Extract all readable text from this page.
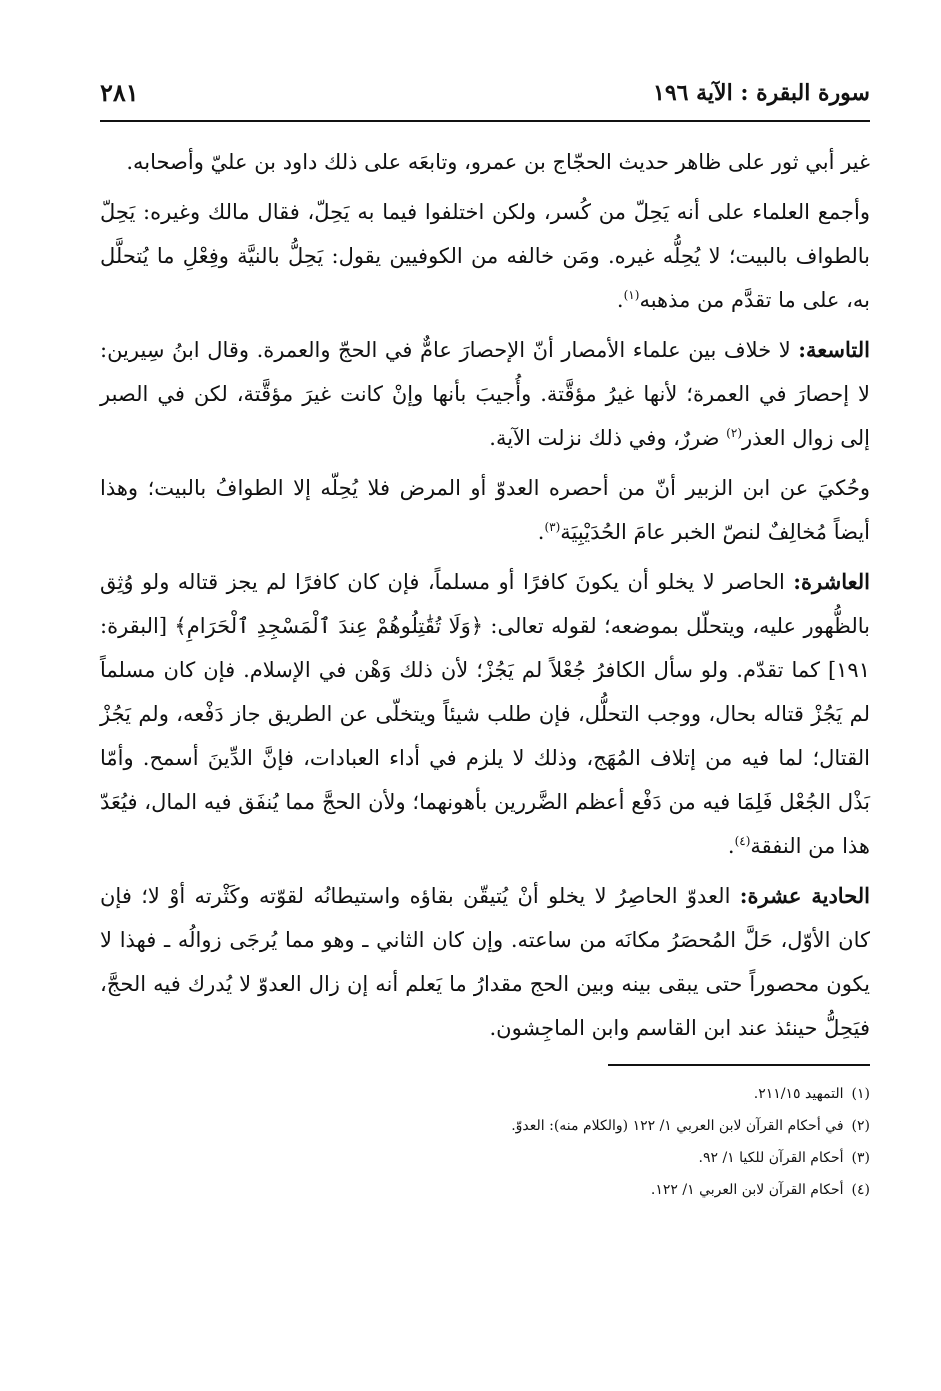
سورة البقرة : الآية ١٩٦
٢٨١

غير أبي ثور على ظاهر حديث الحجّاج بن عمرو، وتابعَه على ذلك داود بن عليّ وأصحابه.

وأجمع العلماء على أنه يَحِلّ من كُسر، ولكن اختلفوا فيما به يَحِلّ، فقال مالك وغيره: يَحِلّ بالطواف بالبيت؛ لا يُحِلُّه غيره. ومَن خالفه من الكوفيين يقول: يَحِلُّ بالنيَّة وفِعْلِ ما يُتحلَّل به، على ما تقدَّم من مذهبه$^{(١)}$.

التاسعة: لا خلاف بين علماء الأمصار أنّ الإحصارَ عامٌّ في الحجّ والعمرة. وقال ابنُ سِيرين: لا إحصارَ في العمرة؛ لأنها غيرُ مؤقَّتة. وأُجيبَ بأنها وإنْ كانت غيرَ مؤقَّتة، لكن في الصبر إلى زوال العذر$^{(٢)}$ ضررٌ، وفي ذلك نزلت الآية.

وحُكيَ عن ابن الزبير أنّ من أحصره العدوّ أو المرض فلا يُحِلّه إلا الطوافُ بالبيت؛ وهذا أيضاً مُخالِفٌ لنصّ الخبر عامَ الحُدَيْبِيَة$^{(٣)}$.

العاشرة: الحاصر لا يخلو أن يكونَ كافرًا أو مسلماً، فإن كان كافرًا لم يجز قتاله ولو وُثِق بالظُّهور عليه، ويتحلّل بموضعه؛ لقوله تعالى: ﴿وَلَا تُقَٰتِلُوهُمْ عِندَ ٱلْمَسْجِدِ ٱلْحَرَامِ﴾ [البقرة: ١٩١] كما تقدّم. ولو سأل الكافرُ جُعْلاً لم يَجُزْ؛ لأن ذلك وَهْن في الإسلام. فإن كان مسلماً لم يَجُزْ قتاله بحال، ووجب التحلُّل، فإن طلب شيئاً ويتخلّى عن الطريق جاز دَفْعه، ولم يَجُزْ القتال؛ لما فيه من إتلاف المُهَج، وذلك لا يلزم في أداء العبادات، فإنَّ الدِّينَ أسمح. وأمّا بَذْل الجُعْل فَلِمَا فيه من دَفْع أعظم الضَّررين بأهونهما؛ ولأن الحجَّ مما يُنفَق فيه المال، فيُعَدّ هذا من النفقة$^{(٤)}$.

الحادية عشرة: العدوّ الحاصِرُ لا يخلو أنْ يُتيقّن بقاؤه واستيطانُه لقوّته وكَثْرته أوْ لا؛ فإن كان الأوّل، حَلَّ المُحصَرُ مكانَه من ساعته. وإن كان الثاني ـ وهو مما يُرجَى زوالُه ـ فهذا لا يكون محصوراً حتى يبقى بينه وبين الحج مقدارُ ما يَعلم أنه إن زال العدوّ لا يُدرك فيه الحجَّ، فيَحِلُّ حينئذ عند ابن القاسم وابن الماجِشون.

(١)التمهيد ٢١١/١٥.
(٢)في أحكام القرآن لابن العربي ١/ ١٢٢ (والكلام منه): العدوّ.
(٣)أحكام القرآن للكيا ١/ ٩٢.
(٤)أحكام القرآن لابن العربي ١/ ١٢٢.
